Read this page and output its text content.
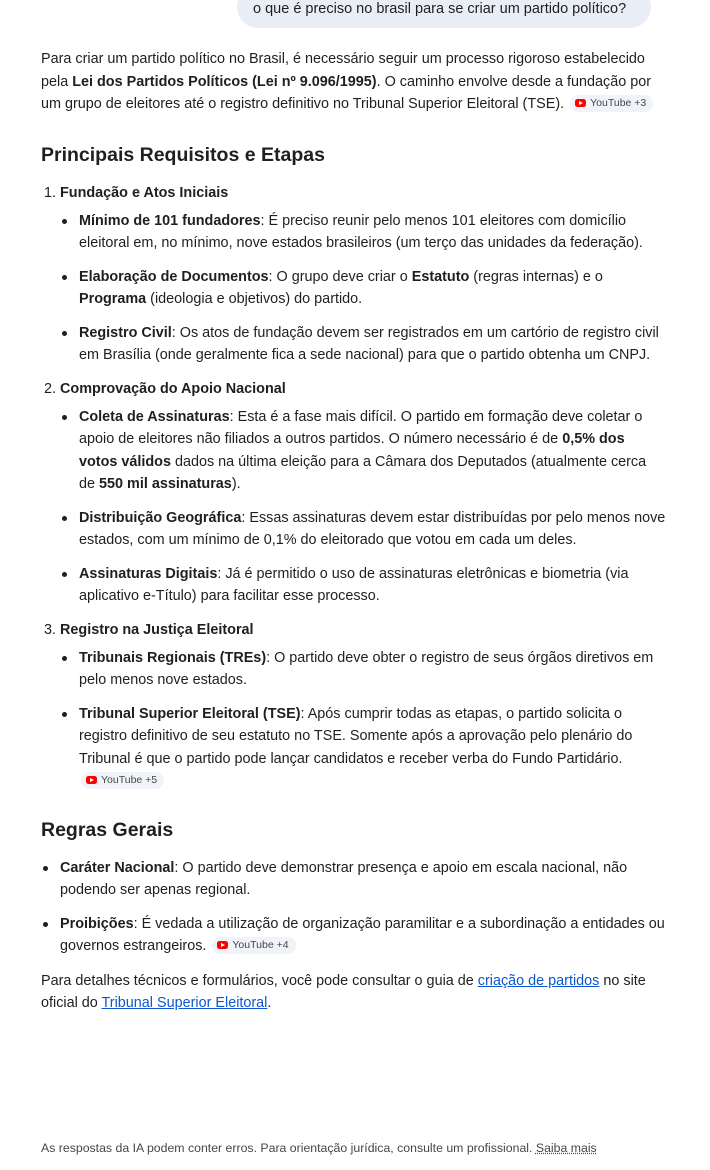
o que é preciso no brasil para se criar um partido político?

Para criar um partido político no Brasil, é necessário seguir um processo rigoroso estabelecido pela Lei dos Partidos Políticos (Lei nº 9.096/1995). O caminho envolve desde a fundação por um grupo de eleitores até o registro definitivo no Tribunal Superior Eleitoral (TSE). YouTube +3

Principais Requisitos e Etapas
1. Fundação e Atos Iniciais
Mínimo de 101 fundadores: É preciso reunir pelo menos 101 eleitores com domicílio eleitoral em, no mínimo, nove estados brasileiros (um terço das unidades da federação).
Elaboração de Documentos: O grupo deve criar o Estatuto (regras internas) e o Programa (ideologia e objetivos) do partido.
Registro Civil: Os atos de fundação devem ser registrados em um cartório de registro civil em Brasília (onde geralmente fica a sede nacional) para que o partido obtenha um CNPJ.
2. Comprovação do Apoio Nacional
Coleta de Assinaturas: Esta é a fase mais difícil. O partido em formação deve coletar o apoio de eleitores não filiados a outros partidos. O número necessário é de 0,5% dos votos válidos dados na última eleição para a Câmara dos Deputados (atualmente cerca de 550 mil assinaturas).
Distribuição Geográfica: Essas assinaturas devem estar distribuídas por pelo menos nove estados, com um mínimo de 0,1% do eleitorado que votou em cada um deles.
Assinaturas Digitais: Já é permitido o uso de assinaturas eletrônicas e biometria (via aplicativo e-Título) para facilitar esse processo.
3. Registro na Justiça Eleitoral
Tribunais Regionais (TREs): O partido deve obter o registro de seus órgãos diretivos em pelo menos nove estados.
Tribunal Superior Eleitoral (TSE): Após cumprir todas as etapas, o partido solicita o registro definitivo de seu estatuto no TSE. Somente após a aprovação pelo plenário do Tribunal é que o partido pode lançar candidatos e receber verba do Fundo Partidário.
YouTube +5
Regras Gerais
Caráter Nacional: O partido deve demonstrar presença e apoio em escala nacional, não podendo ser apenas regional.
Proibições: É vedada a utilização de organização paramilitar e a subordinação a entidades ou governos estrangeiros. YouTube +4

Para detalhes técnicos e formulários, você pode consultar o guia de criação de partidos no site oficial do Tribunal Superior Eleitoral.

As respostas da IA podem conter erros. Para orientação jurídica, consulte um profissional. Saiba mais
